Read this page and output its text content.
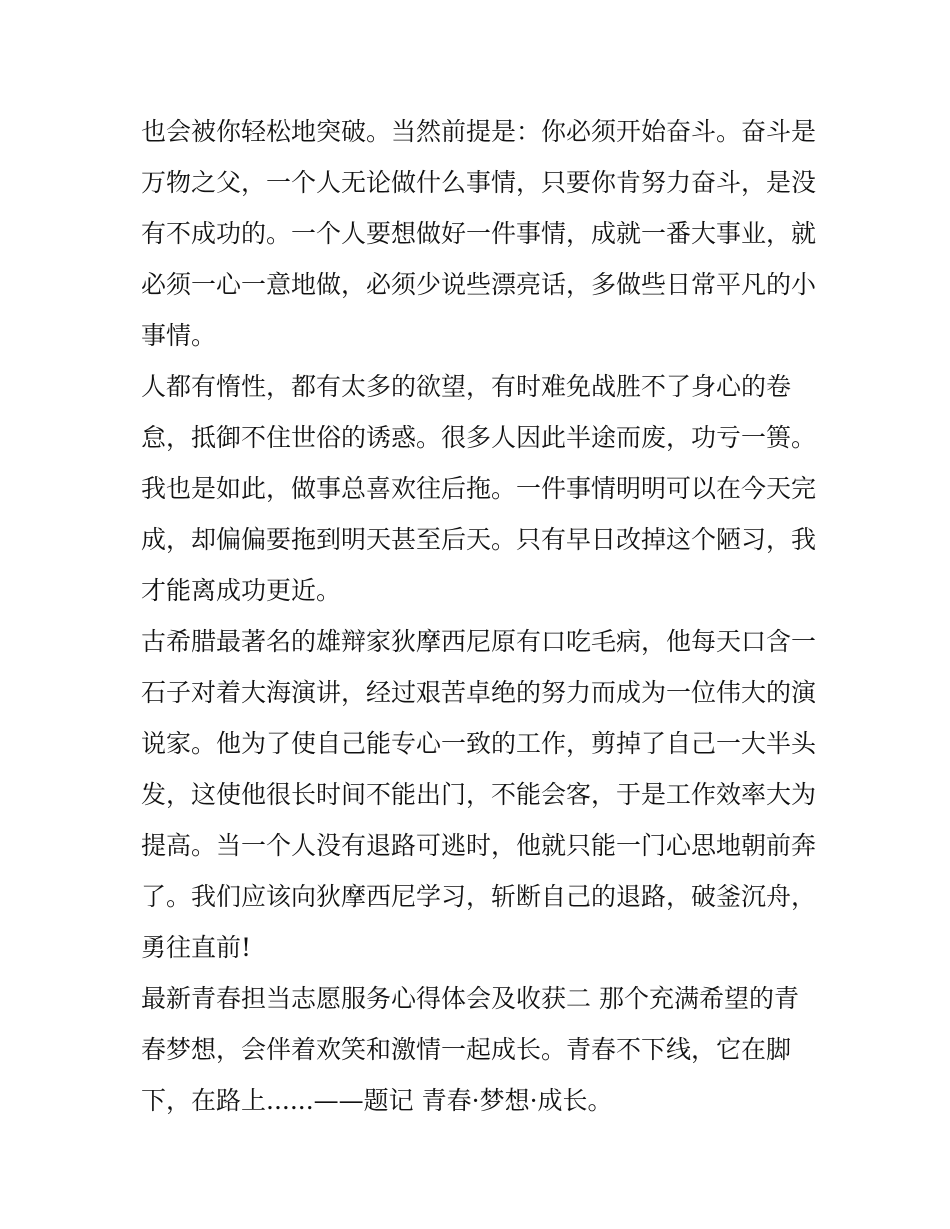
也会被你轻松地突破。当然前提是：你必须开始奋斗。奋斗是
万物之父，一个人无论做什么事情，只要你肯努力奋斗，是没
有不成功的。一个人要想做好一件事情，成就一番大事业，就
必须一心一意地做，必须少说些漂亮话，多做些日常平凡的小
事情。
人都有惰性，都有太多的欲望，有时难免战胜不了身心的卷
怠，抵御不住世俗的诱惑。很多人因此半途而废，功亏一篑。
我也是如此，做事总喜欢往后拖。一件事情明明可以在今天完
成，却偏偏要拖到明天甚至后天。只有早日改掉这个陋习，我
才能离成功更近。
古希腊最著名的雄辩家狄摩西尼原有口吃毛病，他每天口含一
石子对着大海演讲，经过艰苦卓绝的努力而成为一位伟大的演
说家。他为了使自己能专心一致的工作，剪掉了自己一大半头
发，这使他很长时间不能出门，不能会客，于是工作效率大为
提高。当一个人没有退路可逃时，他就只能一门心思地朝前奔
了。我们应该向狄摩西尼学习，斩断自己的退路，破釜沉舟，
勇往直前!
最新青春担当志愿服务心得体会及收获二 那个充满希望的青
春梦想，会伴着欢笑和激情一起成长。青春不下线，它在脚
下，在路上......——题记 青春·梦想·成长。
